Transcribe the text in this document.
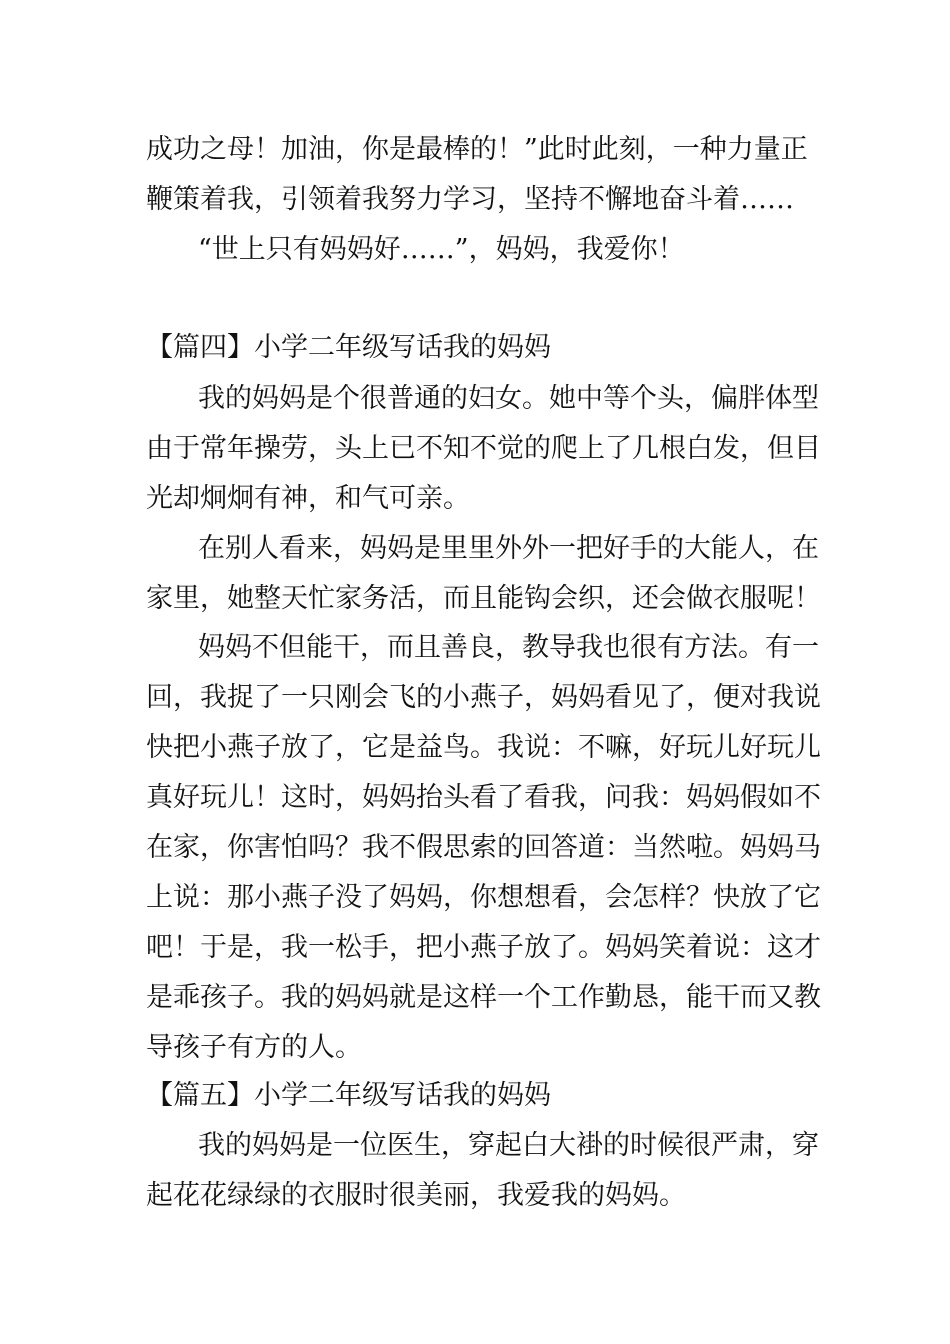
成功之母！加油，你是最棒的！”此时此刻，一种力量正
鞭策着我，引领着我努力学习，坚持不懈地奋斗着……
“世上只有妈妈好……”，妈妈，我爱你！
【篇四】小学二年级写话我的妈妈
我的妈妈是个很普通的妇女。她中等个头，偏胖体型
由于常年操劳，头上已不知不觉的爬上了几根白发，但目
光却炯炯有神，和气可亲。
在别人看来，妈妈是里里外外一把好手的大能人，在
家里，她整天忙家务活，而且能钩会织，还会做衣服呢！
妈妈不但能干，而且善良，教导我也很有方法。有一
回，我捉了一只刚会飞的小燕子，妈妈看见了，便对我说
快把小燕子放了，它是益鸟。我说：不嘛，好玩儿好玩儿
真好玩儿！这时，妈妈抬头看了看我，问我：妈妈假如不
在家，你害怕吗？我不假思索的回答道：当然啦。妈妈马
上说：那小燕子没了妈妈，你想想看，会怎样？快放了它
吧！于是，我一松手，把小燕子放了。妈妈笑着说：这才
是乖孩子。我的妈妈就是这样一个工作勤恳，能干而又教
导孩子有方的人。
【篇五】小学二年级写话我的妈妈
我的妈妈是一位医生，穿起白大褂的时候很严肃，穿
起花花绿绿的衣服时很美丽，我爱我的妈妈。
